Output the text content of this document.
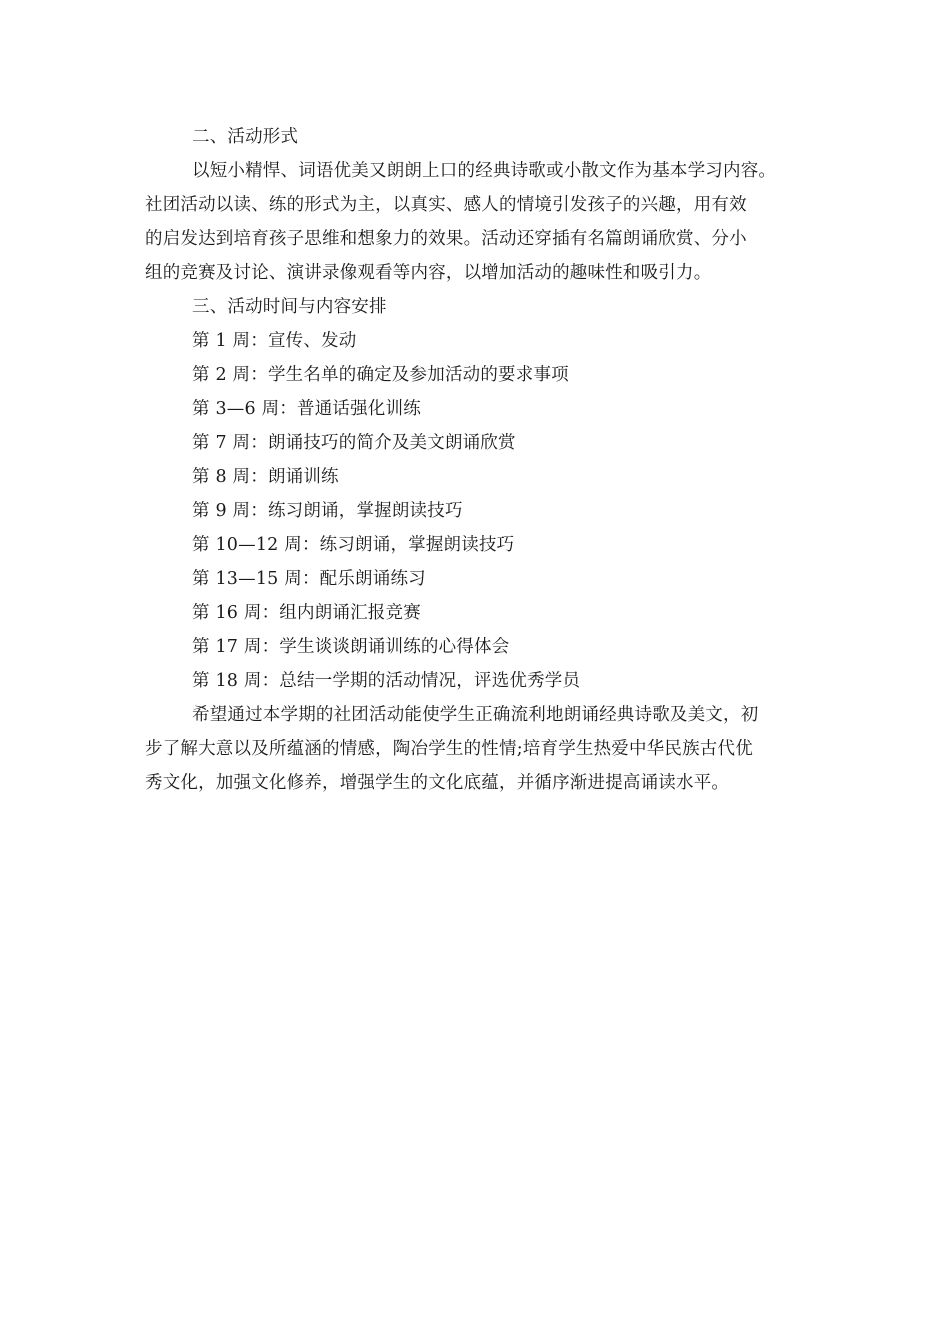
二、活动形式
以短小精悍、词语优美又朗朗上口的经典诗歌或小散文作为基本学习内容。
社团活动以读、练的形式为主，以真实、感人的情境引发孩子的兴趣，用有效
的启发达到培育孩子思维和想象力的效果。活动还穿插有名篇朗诵欣赏、分小
组的竞赛及讨论、演讲录像观看等内容，以增加活动的趣味性和吸引力。
三、活动时间与内容安排
第 1 周：宣传、发动
第 2 周：学生名单的确定及参加活动的要求事项
第 3—6 周：普通话强化训练
第 7 周：朗诵技巧的简介及美文朗诵欣赏
第 8 周：朗诵训练
第 9 周：练习朗诵，掌握朗读技巧
第 10—12 周：练习朗诵，掌握朗读技巧
第 13—15 周：配乐朗诵练习
第 16 周：组内朗诵汇报竞赛
第 17 周：学生谈谈朗诵训练的心得体会
第 18 周：总结一学期的活动情况，评选优秀学员
希望通过本学期的社团活动能使学生正确流利地朗诵经典诗歌及美文，初
步了解大意以及所蕴涵的情感，陶冶学生的性情;培育学生热爱中华民族古代优
秀文化，加强文化修养，增强学生的文化底蕴，并循序渐进提高诵读水平。
